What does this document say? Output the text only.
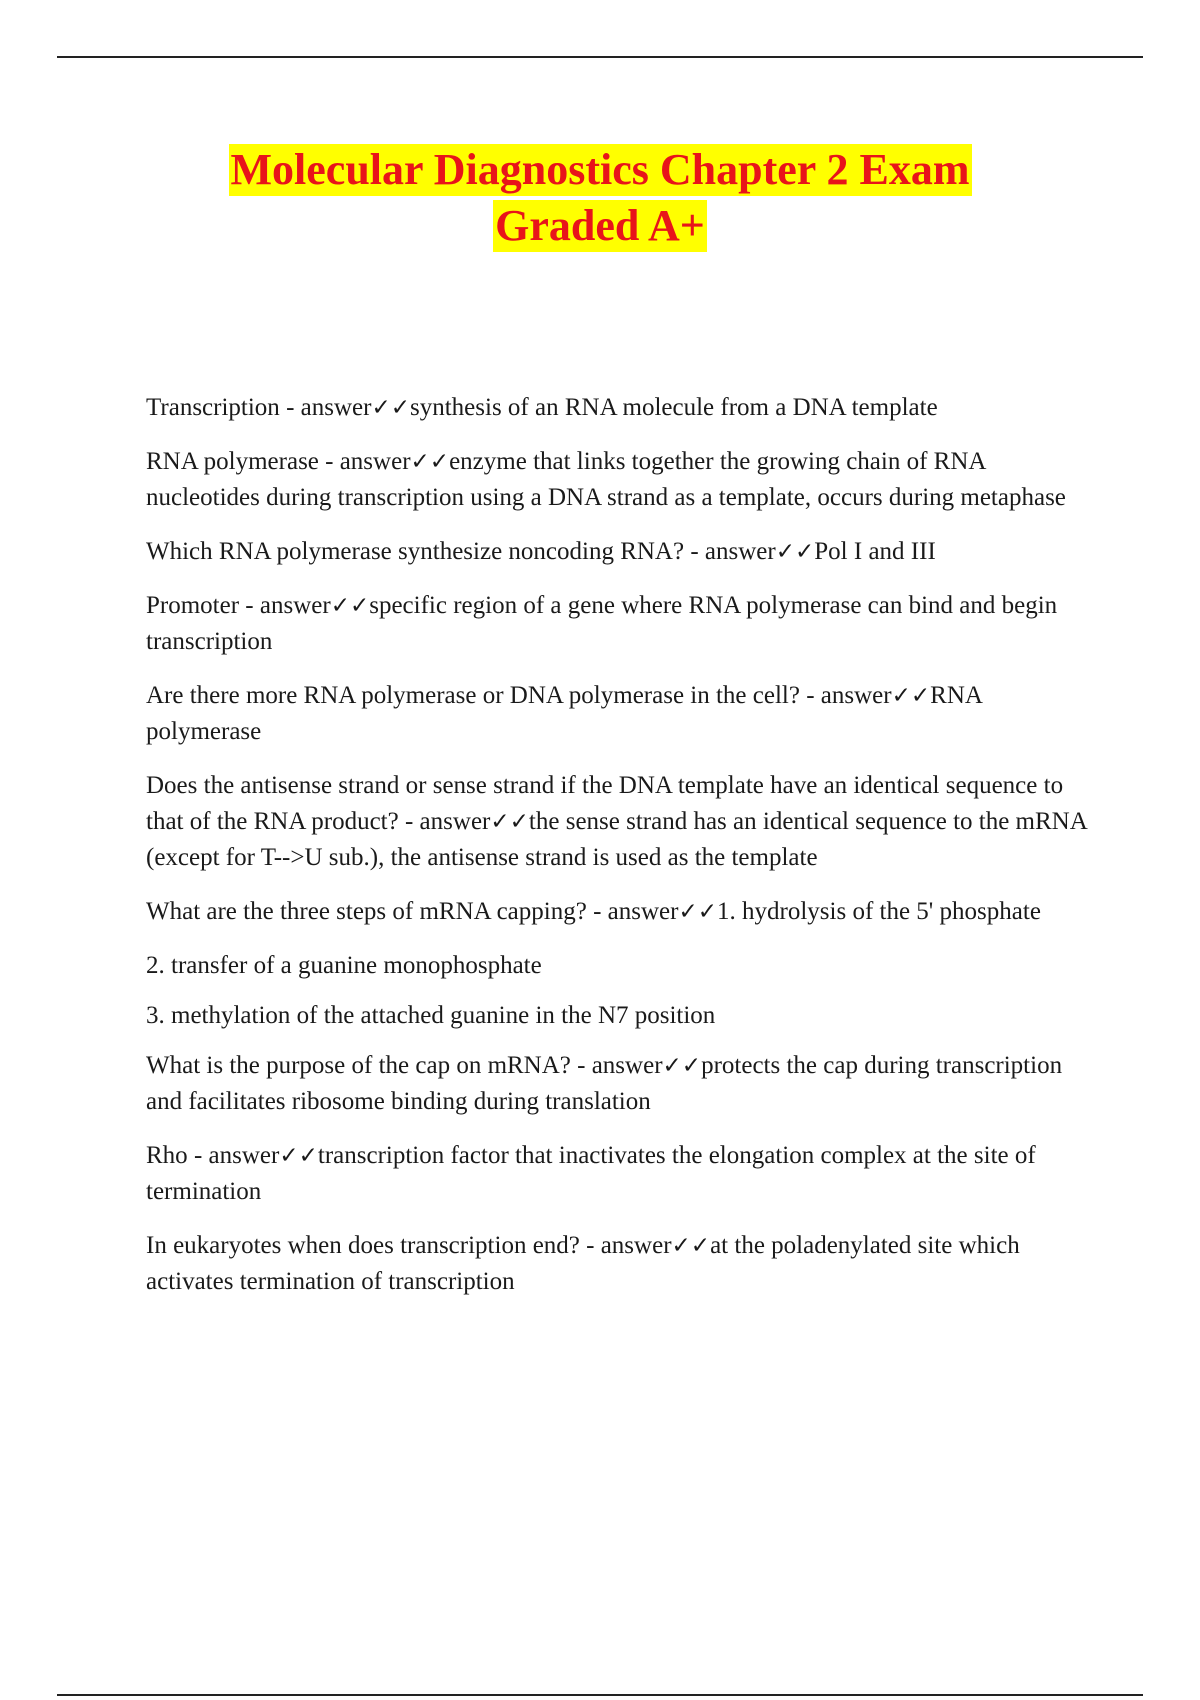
Molecular Diagnostics Chapter 2 Exam
Graded A+

Transcription - answer✓✓synthesis of an RNA molecule from a DNA template

RNA polymerase - answer✓✓enzyme that links together the growing chain of RNA nucleotides during transcription using a DNA strand as a template, occurs during metaphase

Which RNA polymerase synthesize noncoding RNA? - answer✓✓Pol I and III

Promoter - answer✓✓specific region of a gene where RNA polymerase can bind and begin transcription

Are there more RNA polymerase or DNA polymerase in the cell? - answer✓✓RNA polymerase

Does the antisense strand or sense strand if the DNA template have an identical sequence to that of the RNA product? - answer✓✓the sense strand has an identical sequence to the mRNA (except for T-->U sub.), the antisense strand is used as the template

What are the three steps of mRNA capping? - answer✓✓1. hydrolysis of the 5' phosphate

2. transfer of a guanine monophosphate

3. methylation of the attached guanine in the N7 position

What is the purpose of the cap on mRNA? - answer✓✓protects the cap during transcription and facilitates ribosome binding during translation

Rho - answer✓✓transcription factor that inactivates the elongation complex at the site of termination

In eukaryotes when does transcription end? - answer✓✓at the poladenylated site which activates termination of transcription
